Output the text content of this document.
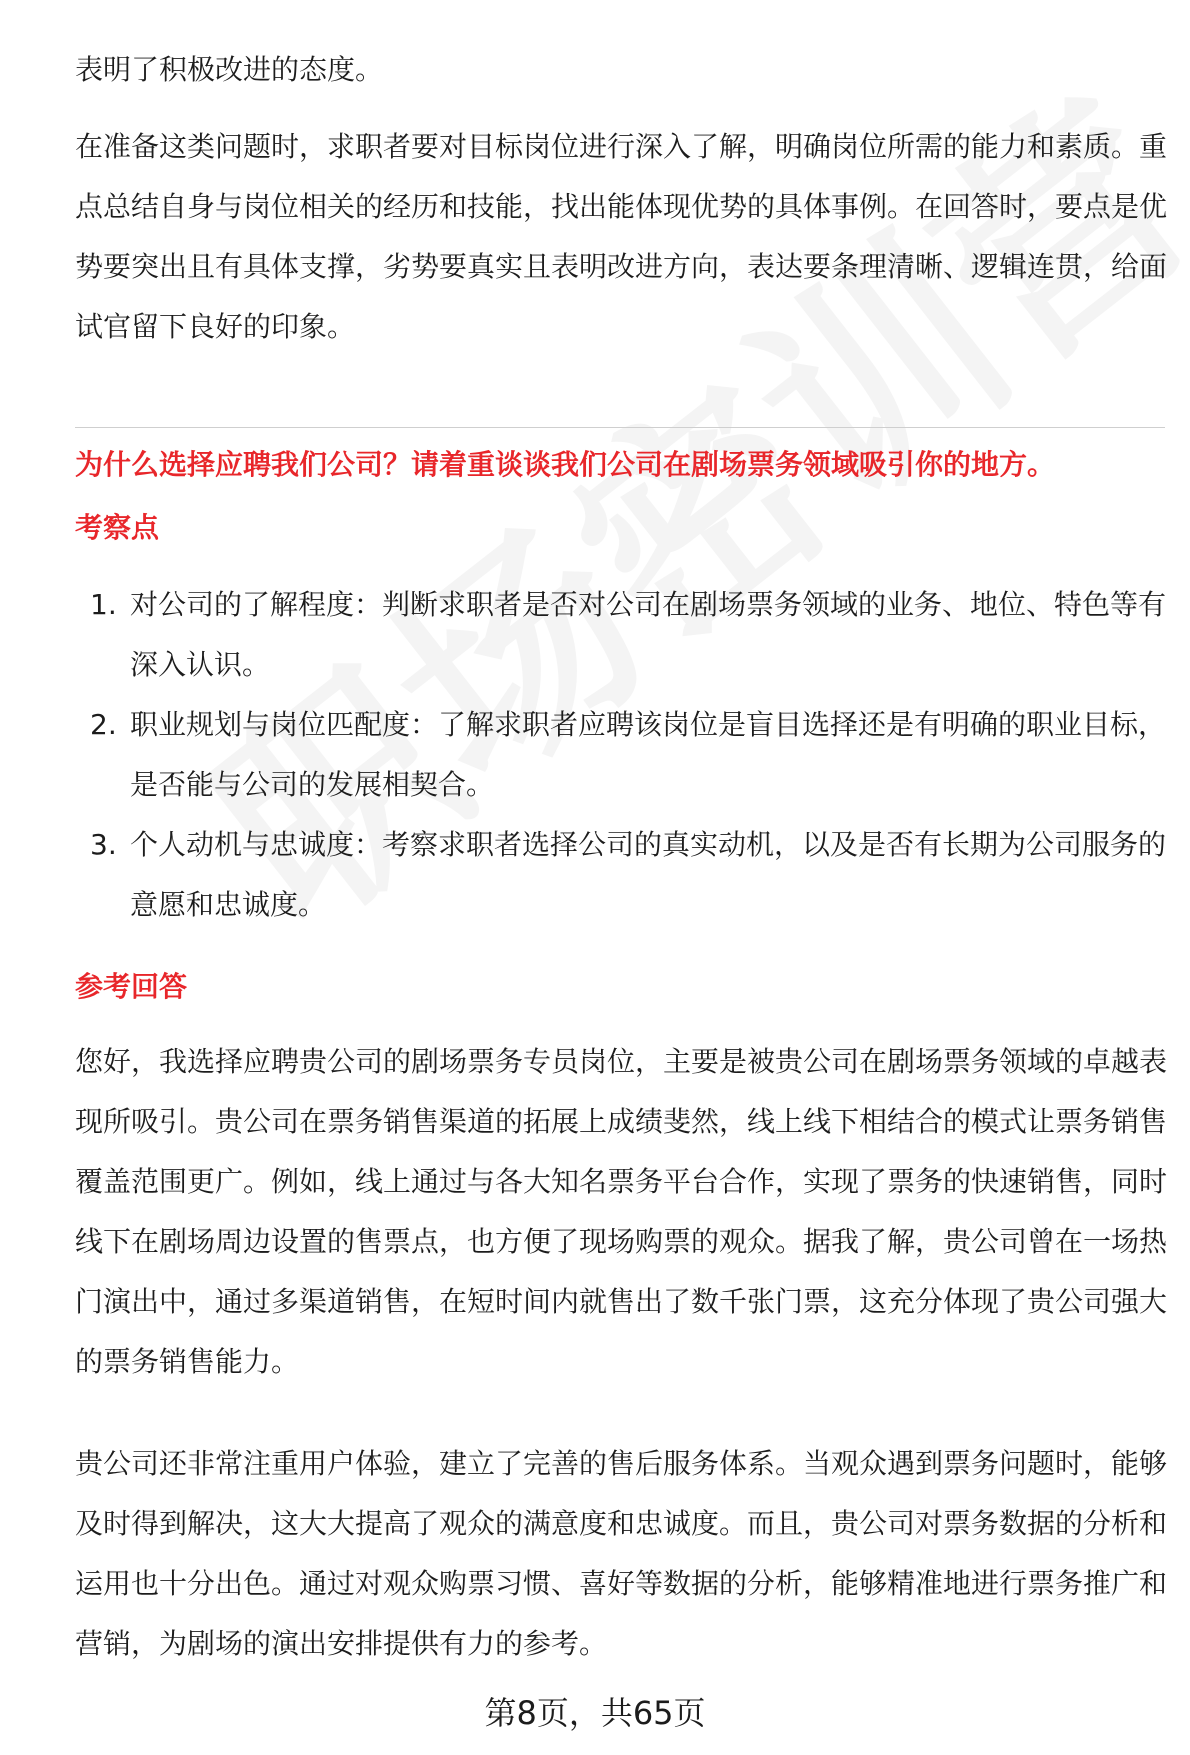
表明了积极改进的态度。

在准备这类问题时，求职者要对目标岗位进行深入了解，明确岗位所需的能力和素质。重点总结自身与岗位相关的经历和技能，找出能体现优势的具体事例。在回答时，要点是优势要突出且有具体支撑，劣势要真实且表明改进方向，表达要条理清晰、逻辑连贯，给面试官留下良好的印象。

为什么选择应聘我们公司？请着重谈谈我们公司在剧场票务领域吸引你的地方。

考察点

1. 对公司的了解程度：判断求职者是否对公司在剧场票务领域的业务、地位、特色等有深入认识。
2. 职业规划与岗位匹配度：了解求职者应聘该岗位是盲目选择还是有明确的职业目标，是否能与公司的发展相契合。
3. 个人动机与忠诚度：考察求职者选择公司的真实动机，以及是否有长期为公司服务的意愿和忠诚度。

参考回答

您好，我选择应聘贵公司的剧场票务专员岗位，主要是被贵公司在剧场票务领域的卓越表现所吸引。贵公司在票务销售渠道的拓展上成绩斐然，线上线下相结合的模式让票务销售覆盖范围更广。例如，线上通过与各大知名票务平台合作，实现了票务的快速销售，同时线下在剧场周边设置的售票点，也方便了现场购票的观众。据我了解，贵公司曾在一场热门演出中，通过多渠道销售，在短时间内就售出了数千张门票，这充分体现了贵公司强大的票务销售能力。

贵公司还非常注重用户体验，建立了完善的售后服务体系。当观众遇到票务问题时，能够及时得到解决，这大大提高了观众的满意度和忠诚度。而且，贵公司对票务数据的分析和运用也十分出色。通过对观众购票习惯、喜好等数据的分析，能够精准地进行票务推广和营销，为剧场的演出安排提供有力的参考。

第8页，共65页
